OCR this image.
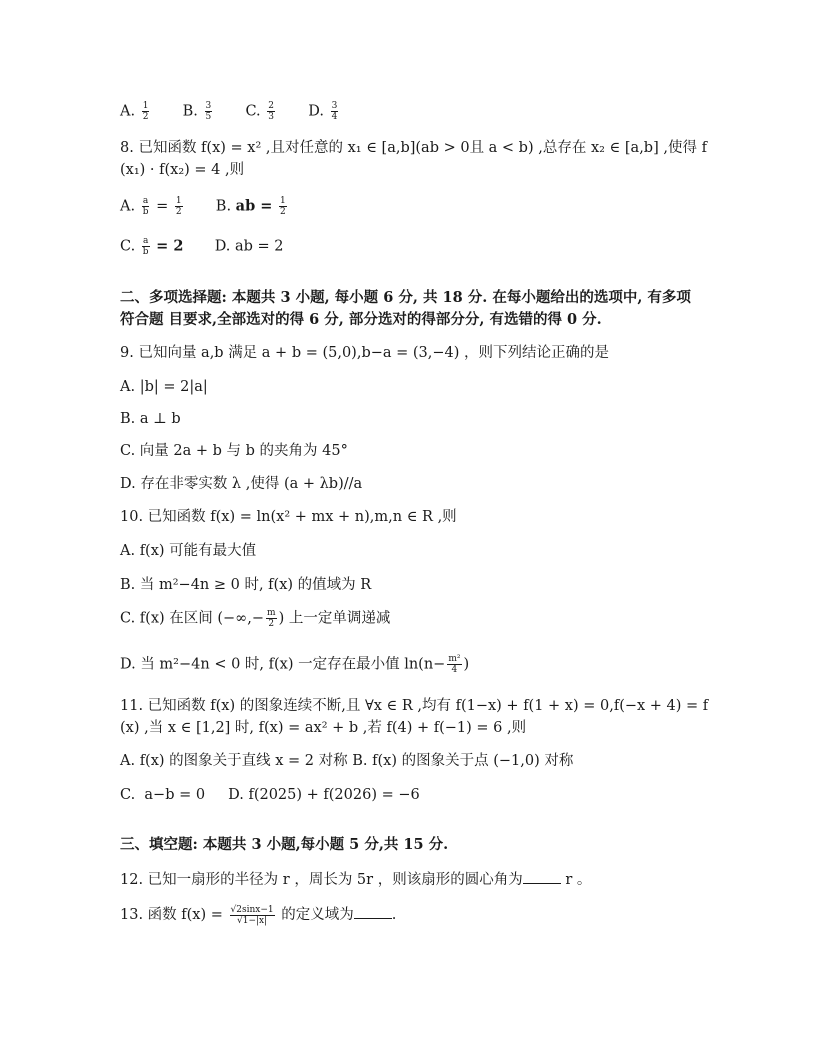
A. $\frac{1}{2} B$. $\frac{3}{5} C$. $\frac{2}{3} D$. $\frac{3}{4}$
8. 已知函数 f(x) = x² ,且对任意的 x₁ ∈ [a,b](ab > 0且 a < b) ,总存在 x₂ ∈ [a,b] ,使得 f
(x₁) · f(x₂) = 4 ,则
A. $\frac{a}{b} = \frac{1}{2} B$. ab = $\frac{1}{2}$
C. $\frac{a}{b} = 2$ D. ab = 2
二、多项选择题: 本题共 3 小题, 每小题 6 分, 共 18 分. 在每小题给出的选项中, 有多项符合题 目要求,全部选对的得 6 分, 部分选对的得部分分, 有选错的得 0 分.
9. 已知向量 a,b 满足 a + b = (5,0),b−a = (3,−4) ，则下列结论正确的是
A. |b| = 2|a|
B. a ⊥ b
C. 向量 2a + b 与 b 的夹角为 45°
D. 存在非零实数 λ ,使得 (a + λb)//a
10. 已知函数 f(x) = ln(x² + mx + n),m,n ∈ R ,则
A. f(x) 可能有最大值
B. 当 m²−4n ≥ 0 时, f(x) 的值域为 R
C. f(x) 在区间 (−∞,− $\frac{m}{2}$ ) 上一定单调递减
D. 当 m²−4n < 0 时, f(x) 一定存在最小值 $\ln(n- \frac{\text{m²}}{4}$ )
11. 已知函数 f(x) 的图象连续不断,且 ∀x ∈ R ,均有 f(1−x) + f(1 + x) = 0,f(−x + 4) = f
(x) ,当 x ∈ [1,2] 时, f(x) = ax² + b ,若 f(4) + f(−1) = 6 ,则
A. f(x) 的图象关于直线 x = 2 对称 B. f(x) 的图象关于点 (−1,0) 对称
C.  a−b = 0     D. f(2025) + f(2026) = −6
三、填空题: 本题共 3 小题,每小题 5 分,共 15 分.
12. 已知一扇形的半径为 r ，周长为 5r ，则该扇形的圆心角为	r 。
13. 函数 $f(x) = \frac{√2\sin x-1}{√1-|x|}$ 的定义域为	.
